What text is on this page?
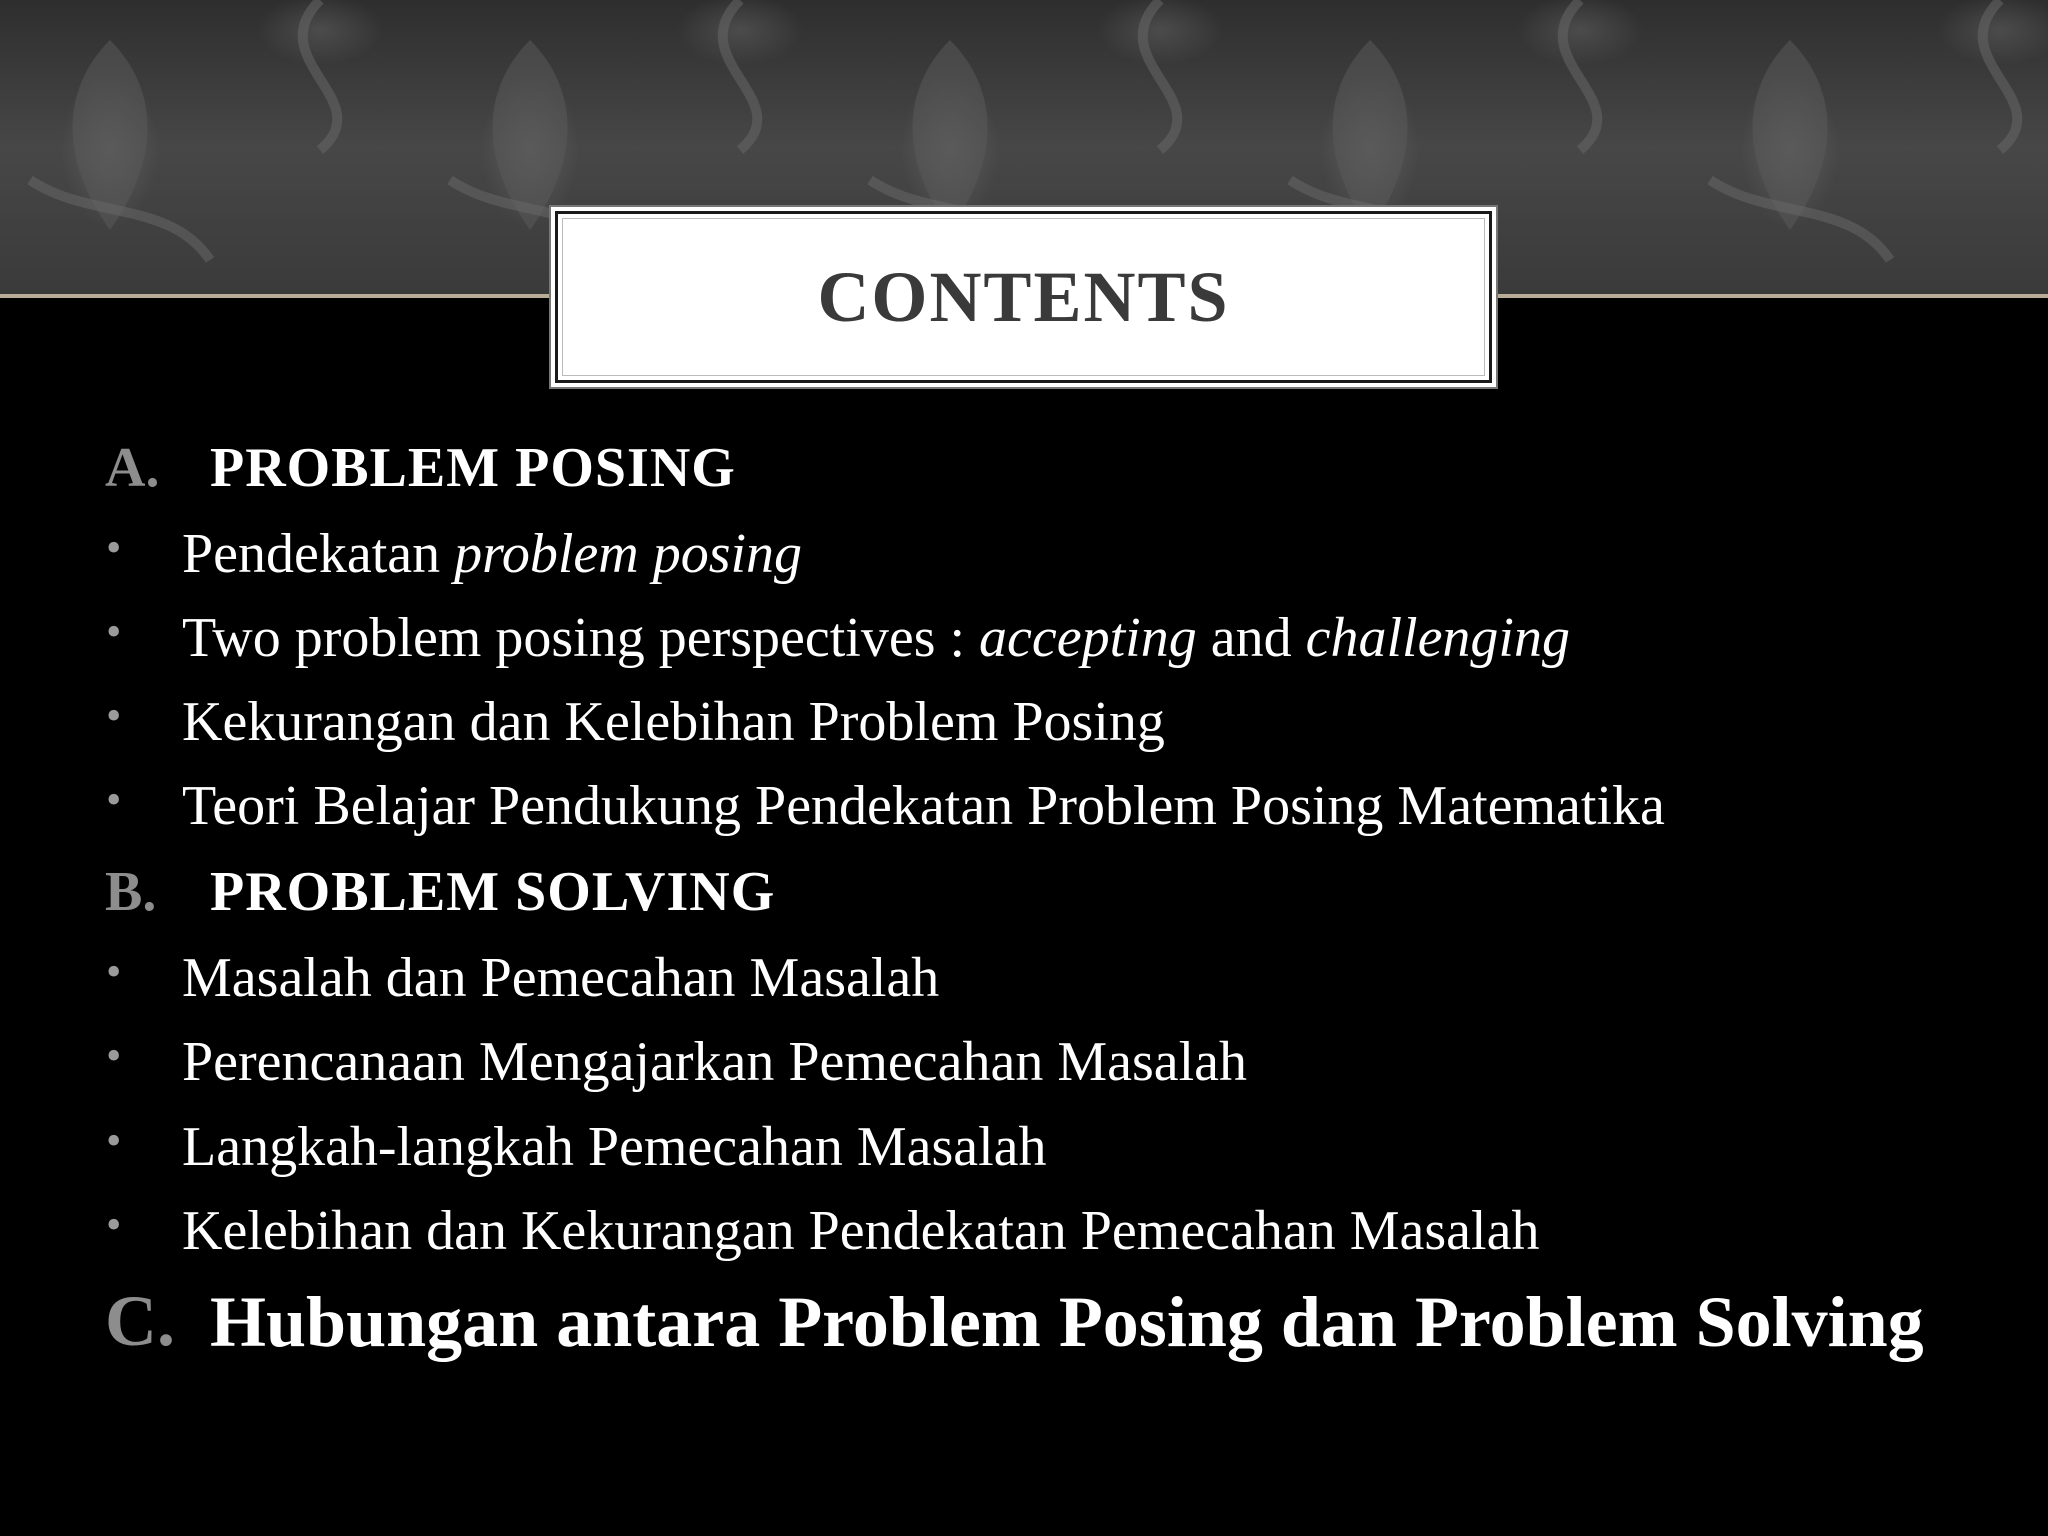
CONTENTS
A. PROBLEM POSING
• Pendekatan problem posing
• Two problem posing perspectives : accepting and challenging
• Kekurangan dan Kelebihan Problem Posing
• Teori Belajar Pendukung Pendekatan Problem Posing Matematika
B. PROBLEM SOLVING
• Masalah dan Pemecahan Masalah
• Perencanaan Mengajarkan Pemecahan Masalah
• Langkah-langkah Pemecahan Masalah
• Kelebihan dan Kekurangan Pendekatan Pemecahan Masalah
C. Hubungan antara Problem Posing dan Problem Solving
